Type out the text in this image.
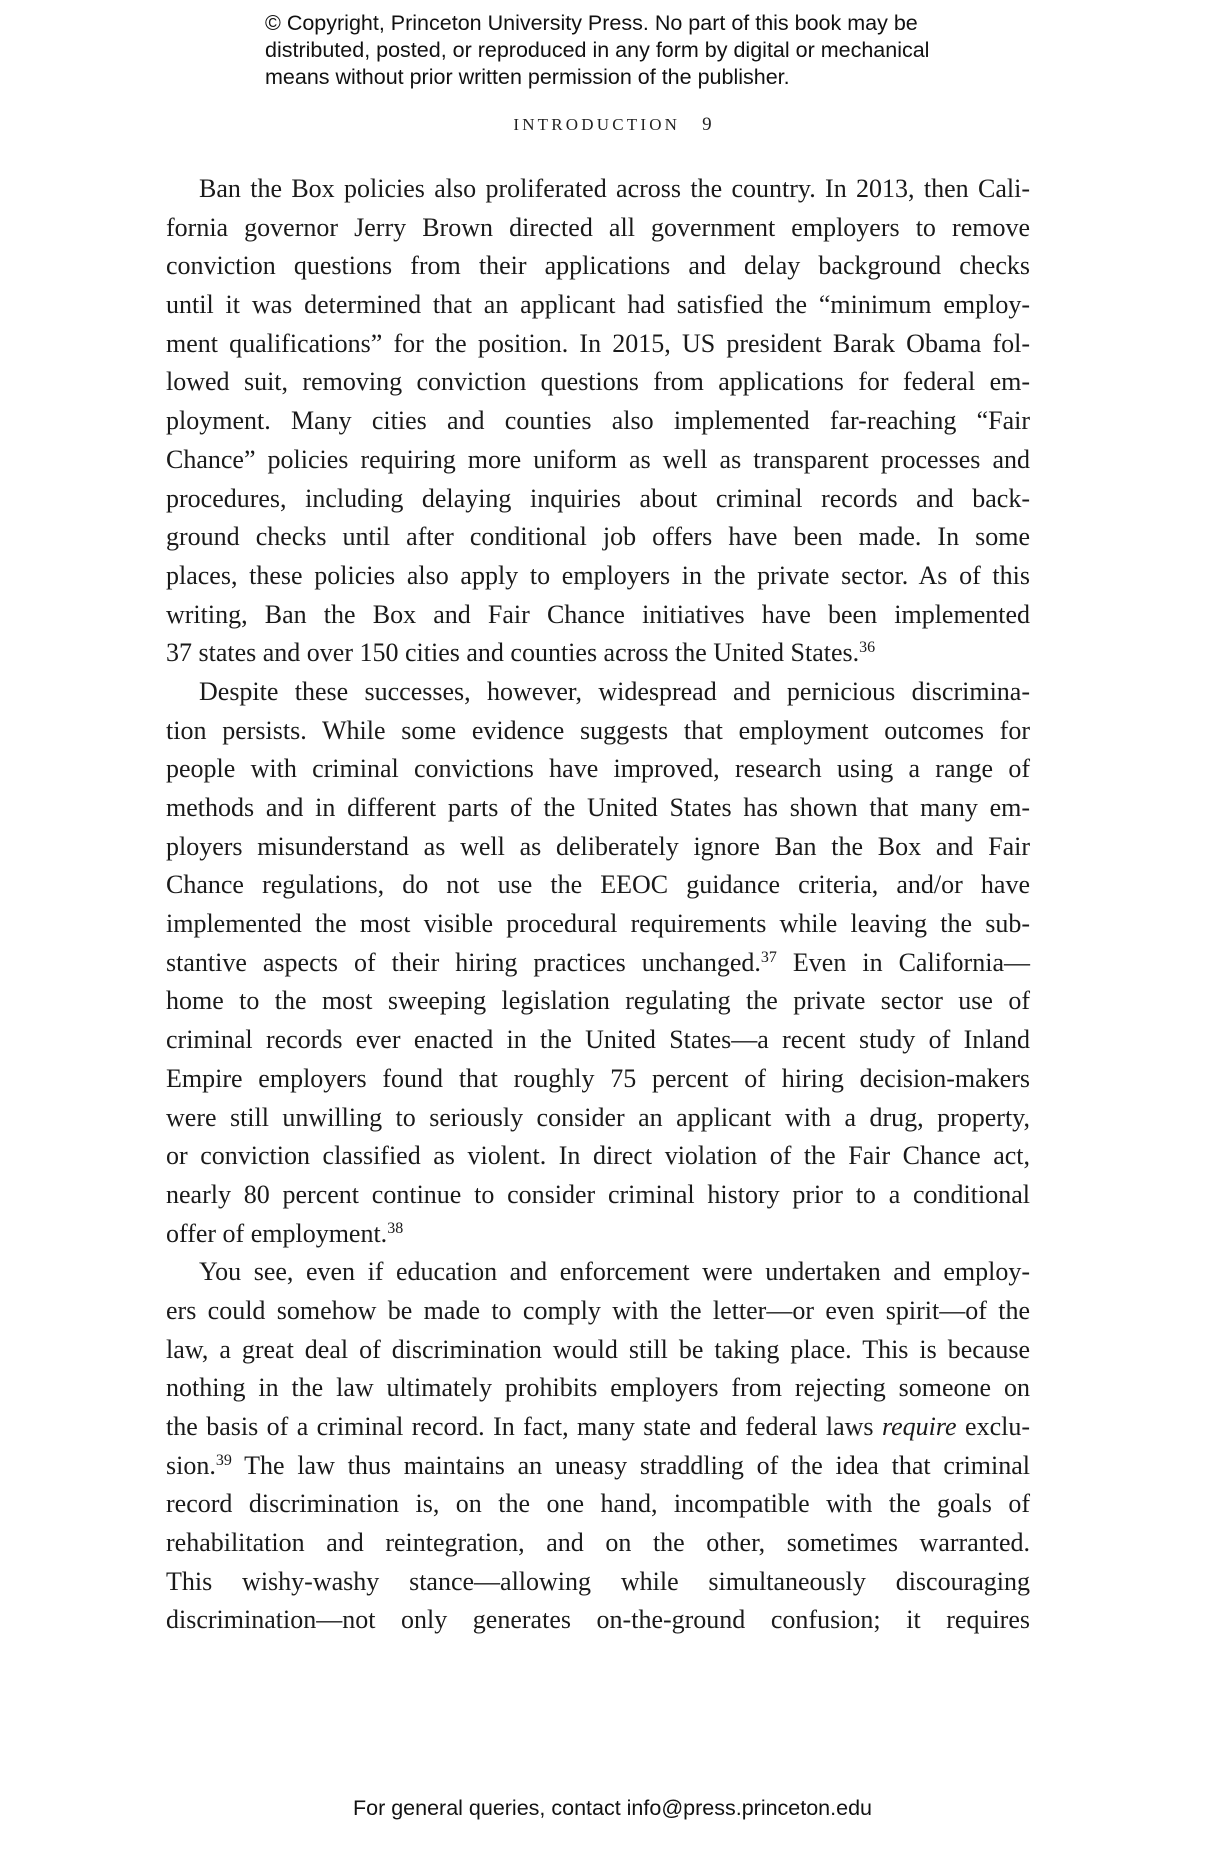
© Copyright, Princeton University Press. No part of this book may be
distributed, posted, or reproduced in any form by digital or mechanical
means without prior written permission of the publisher.
INTRODUCTION 9
Ban the Box policies also proliferated across the country. In 2013, then Cali-
fornia governor Jerry Brown directed all government employers to remove
conviction questions from their applications and delay background checks
until it was determined that an applicant had satisfied the “minimum employ-
ment qualifications” for the position. In 2015, US president Barak Obama fol-
lowed suit, removing conviction questions from applications for federal em-
ployment. Many cities and counties also implemented far-reaching “Fair
Chance” policies requiring more uniform as well as transparent processes and
procedures, including delaying inquiries about criminal records and back-
ground checks until after conditional job offers have been made. In some
places, these policies also apply to employers in the private sector. As of this
writing, Ban the Box and Fair Chance initiatives have been implemented
37 states and over 150 cities and counties across the United States.$^{36}$
Despite these successes, however, widespread and pernicious discrimina-
tion persists. While some evidence suggests that employment outcomes for
people with criminal convictions have improved, research using a range of
methods and in different parts of the United States has shown that many em-
ployers misunderstand as well as deliberately ignore Ban the Box and Fair
Chance regulations, do not use the EEOC guidance criteria, and/or have
implemented the most visible procedural requirements while leaving the sub-
stantive aspects of their hiring practices unchanged.$^{37}$ Even in California—
home to the most sweeping legislation regulating the private sector use of
criminal records ever enacted in the United States—a recent study of Inland
Empire employers found that roughly 75 percent of hiring decision-makers
were still unwilling to seriously consider an applicant with a drug, property,
or conviction classified as violent. In direct violation of the Fair Chance act,
nearly 80 percent continue to consider criminal history prior to a conditional
offer of employment.$^{38}$
You see, even if education and enforcement were undertaken and employ-
ers could somehow be made to comply with the letter—or even spirit—of the
law, a great deal of discrimination would still be taking place. This is because
nothing in the law ultimately prohibits employers from rejecting someone on
the basis of a criminal record. In fact, many state and federal laws require exclu-
sion.$^{39}$ The law thus maintains an uneasy straddling of the idea that criminal
record discrimination is, on the one hand, incompatible with the goals of
rehabilitation and reintegration, and on the other, sometimes warranted.
This wishy-washy stance—allowing while simultaneously discouraging
discrimination—not only generates on-the-ground confusion; it requires
For general queries, contact info@press.princeton.edu
